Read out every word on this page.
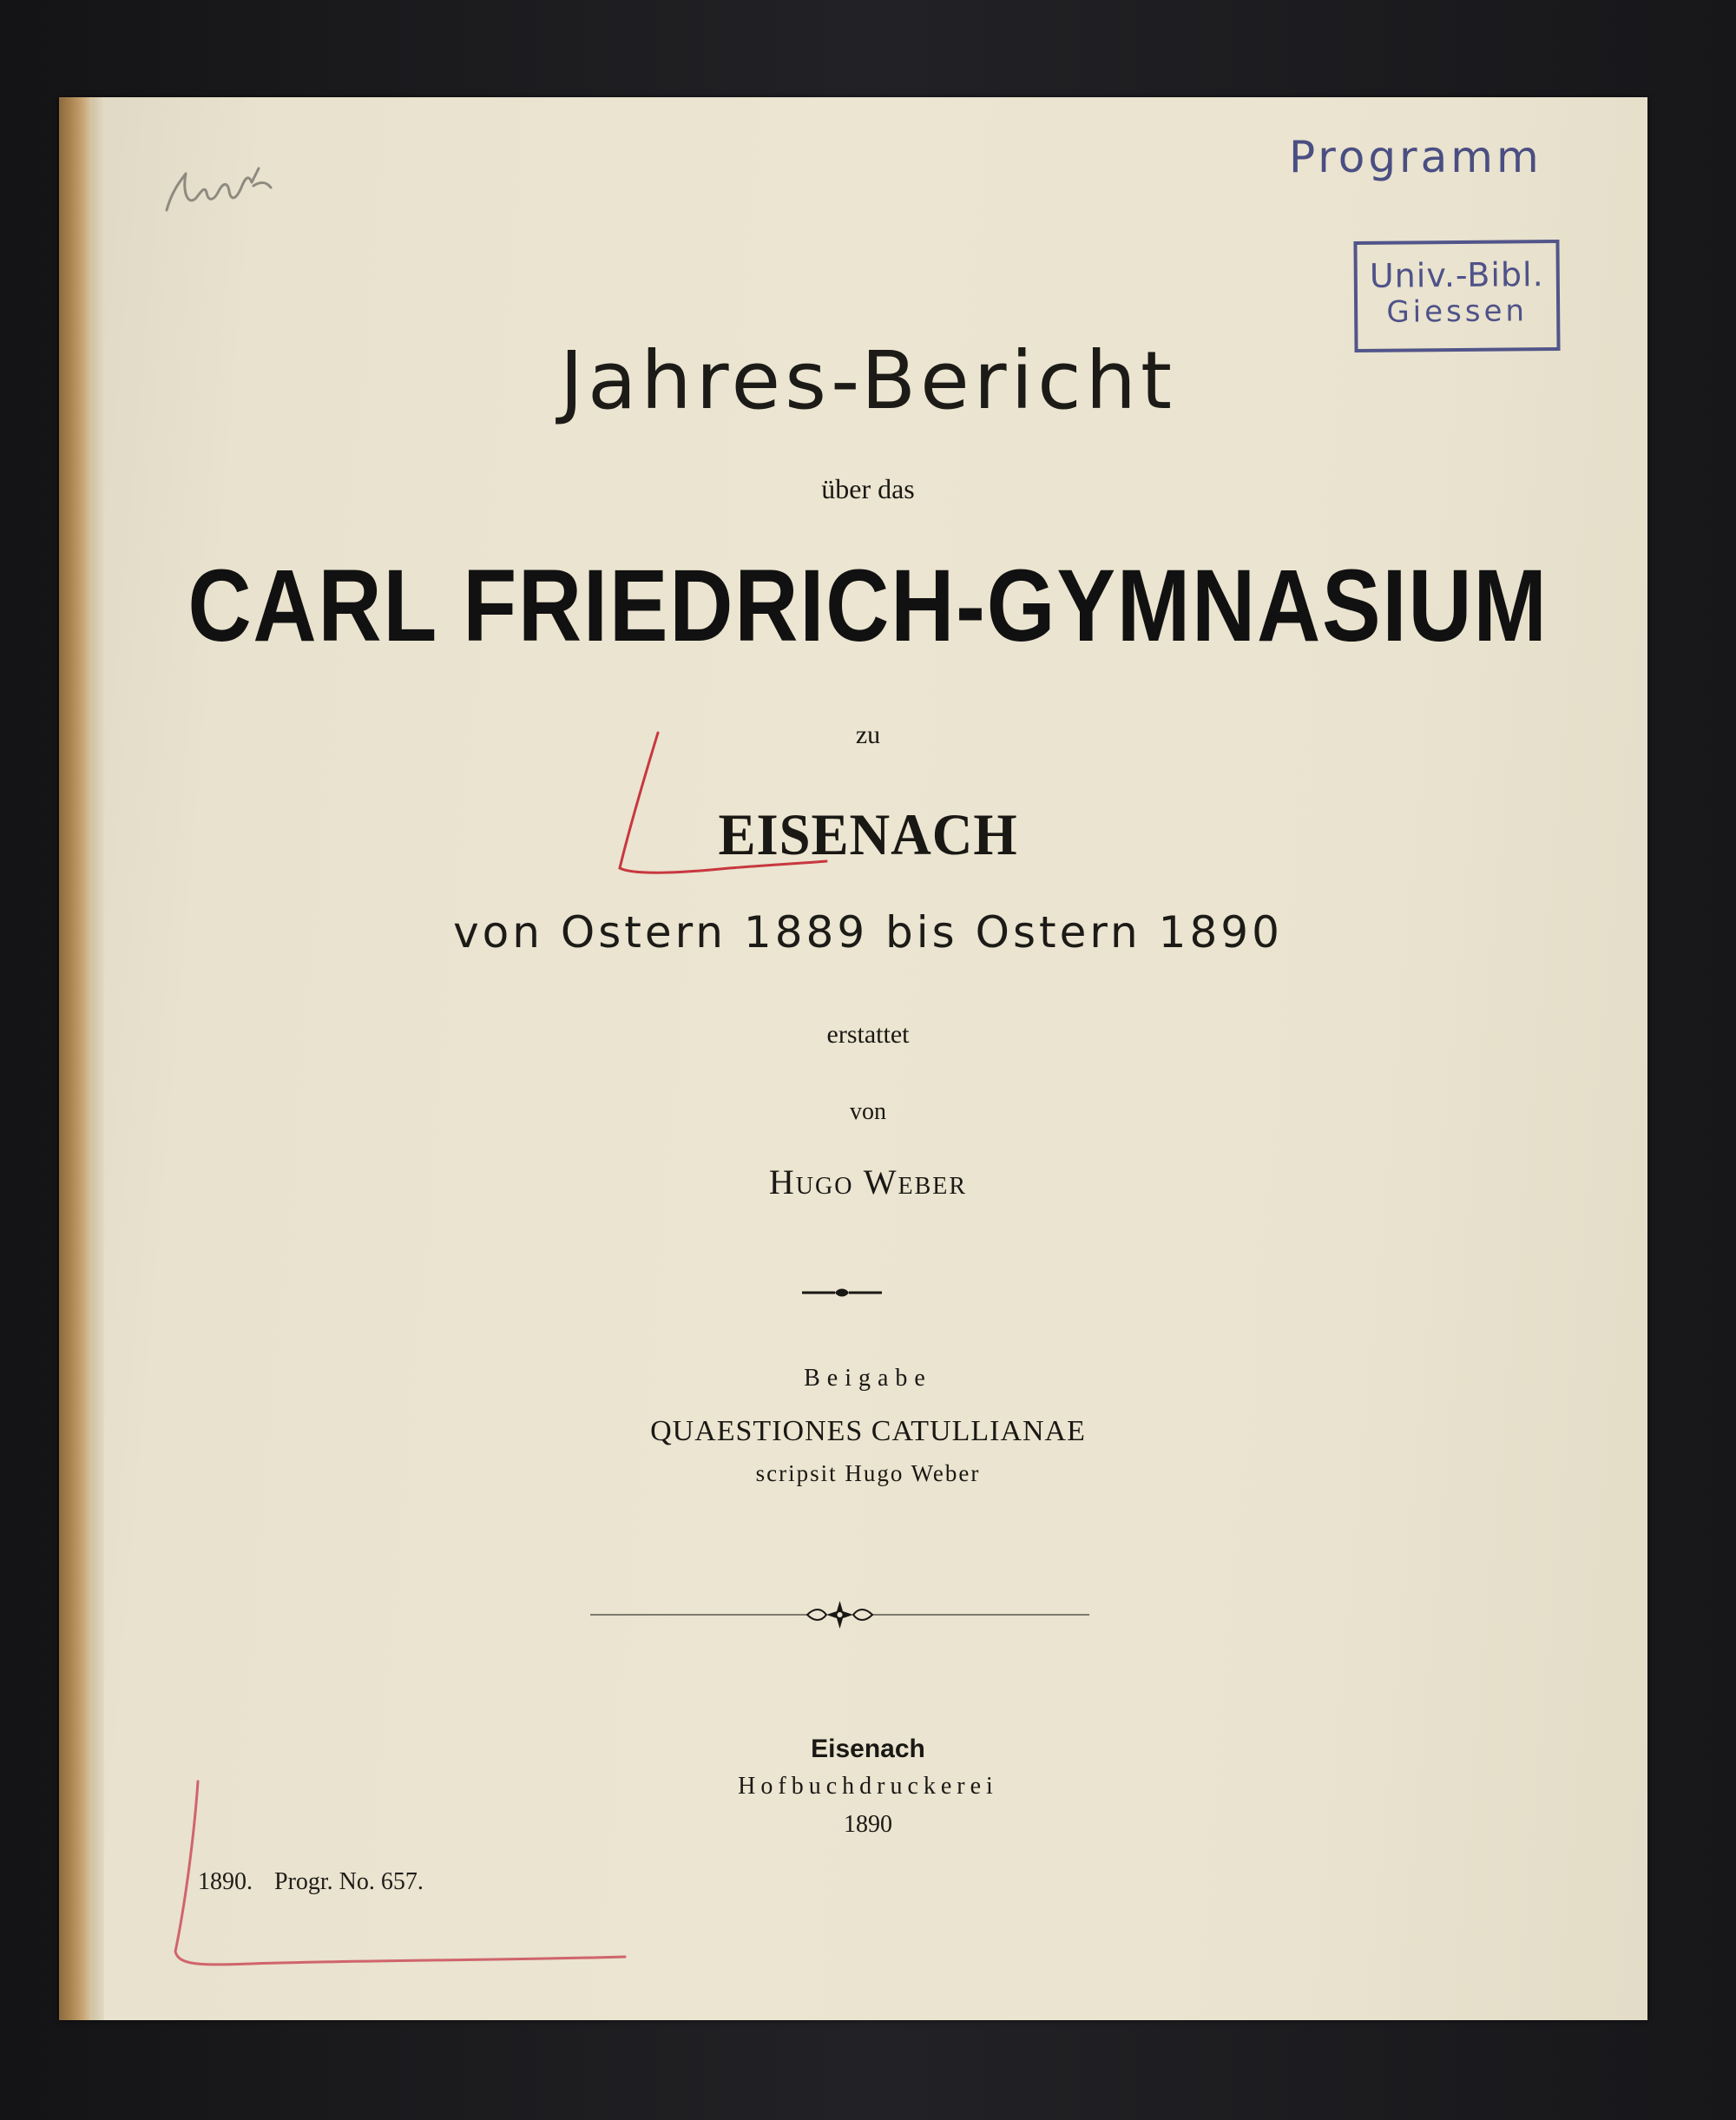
Programm
Univ.-Bibl.
Giessen
Jahres-Bericht
über das
CARL FRIEDRICH-GYMNASIUM
zu
EISENACH
von Ostern 1889 bis Ostern 1890
erstattet
von
Hugo Weber
Beigabe
QUAESTIONES CATULLIANAE
scripsit Hugo Weber
Eisenach
Hofbuchdruckerei
1890
1890. Progr. No. 657.
